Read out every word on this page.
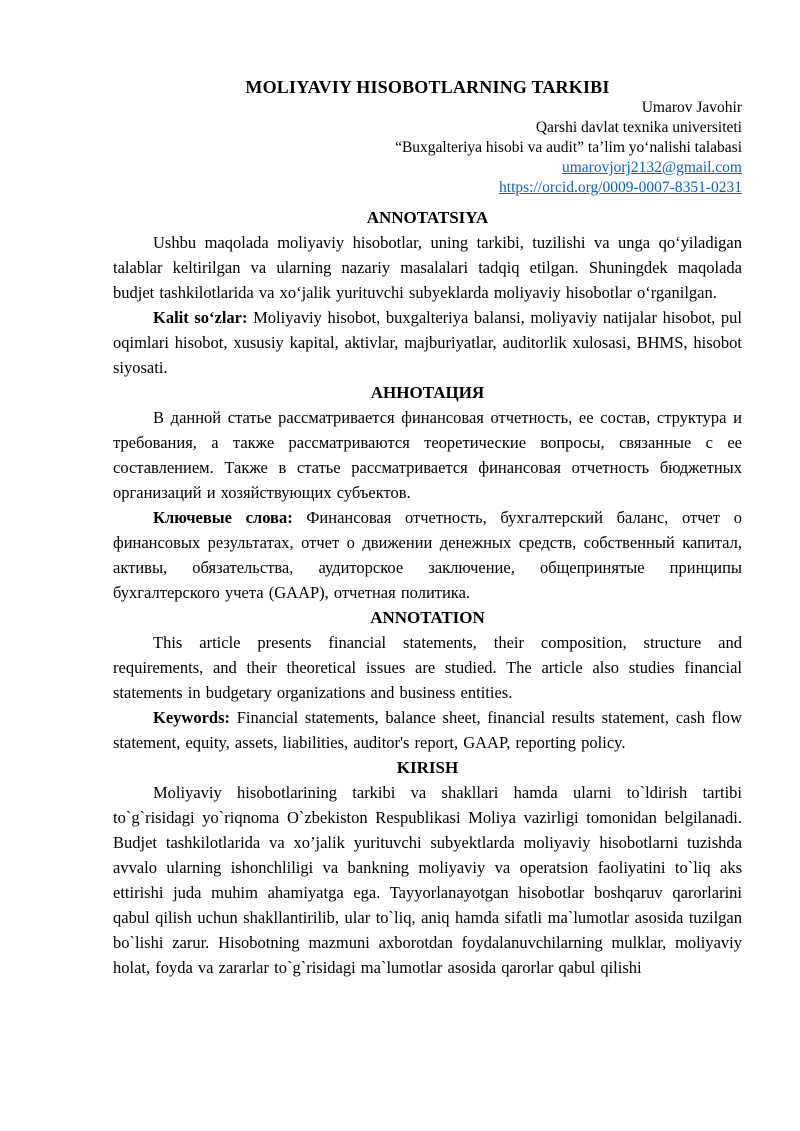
MOLIYAVIY HISOBOTLARNING TARKIBI
Umarov Javohir
Qarshi davlat texnika universiteti
“Buxgalteriya hisobi va audit” ta’lim yo‘nalishi talabasi
umarovjorj2132@gmail.com
https://orcid.org/0009-0007-8351-0231
ANNOTATSIYA

Ushbu maqolada moliyaviy hisobotlar, uning tarkibi, tuzilishi va unga qo‘yiladigan talablar keltirilgan va ularning nazariy masalalari tadqiq etilgan. Shuningdek maqolada budjet tashkilotlarida va xo‘jalik yurituvchi subyeklarda moliyaviy hisobotlar o‘rganilgan.

Kalit so‘zlar: Moliyaviy hisobot, buxgalteriya balansi, moliyaviy natijalar hisobot, pul oqimlari hisobot, xususiy kapital, aktivlar, majburiyatlar, auditorlik xulosasi, BHMS, hisobot siyosati.

АННОТАЦИЯ

В данной статье рассматривается финансовая отчетность, ее состав, структура и требования, а также рассматриваются теоретические вопросы, связанные с ее составлением. Также в статье рассматривается финансовая отчетность бюджетных организаций и хозяйствующих субъектов.

Ключевые слова: Финансовая отчетность, бухгалтерский баланс, отчет о финансовых результатах, отчет о движении денежных средств, собственный капитал, активы, обязательства, аудиторское заключение, общепринятые принципы бухгалтерского учета (GAAP), отчетная политика.

ANNOTATION

This article presents financial statements, their composition, structure and requirements, and their theoretical issues are studied. The article also studies financial statements in budgetary organizations and business entities.

Keywords: Financial statements, balance sheet, financial results statement, cash flow statement, equity, assets, liabilities, auditor's report, GAAP, reporting policy.

KIRISH

Moliyaviy hisobotlarining tarkibi va shakllari hamda ularni to`ldirish tartibi to`g`risidagi yo`riqnoma O`zbekiston Respublikasi Moliya vazirligi tomonidan belgilanadi. Budjet tashkilotlarida va xo’jalik yurituvchi subyektlarda moliyaviy hisobotlarni tuzishda avvalo ularning ishonchliligi va bankning moliyaviy va operatsion faoliyatini to`liq aks ettirishi juda muhim ahamiyatga ega. Tayyorlanayotgan hisobotlar boshqaruv qarorlarini qabul qilish uchun shakllantirilib, ular to`liq, aniq hamda sifatli ma`lumotlar asosida tuzilgan bo`lishi zarur. Hisobotning mazmuni axborotdan foydalanuvchilarning mulklar, moliyaviy holat, foyda va zararlar to`g`risidagi ma`lumotlar asosida qarorlar qabul qilishi
